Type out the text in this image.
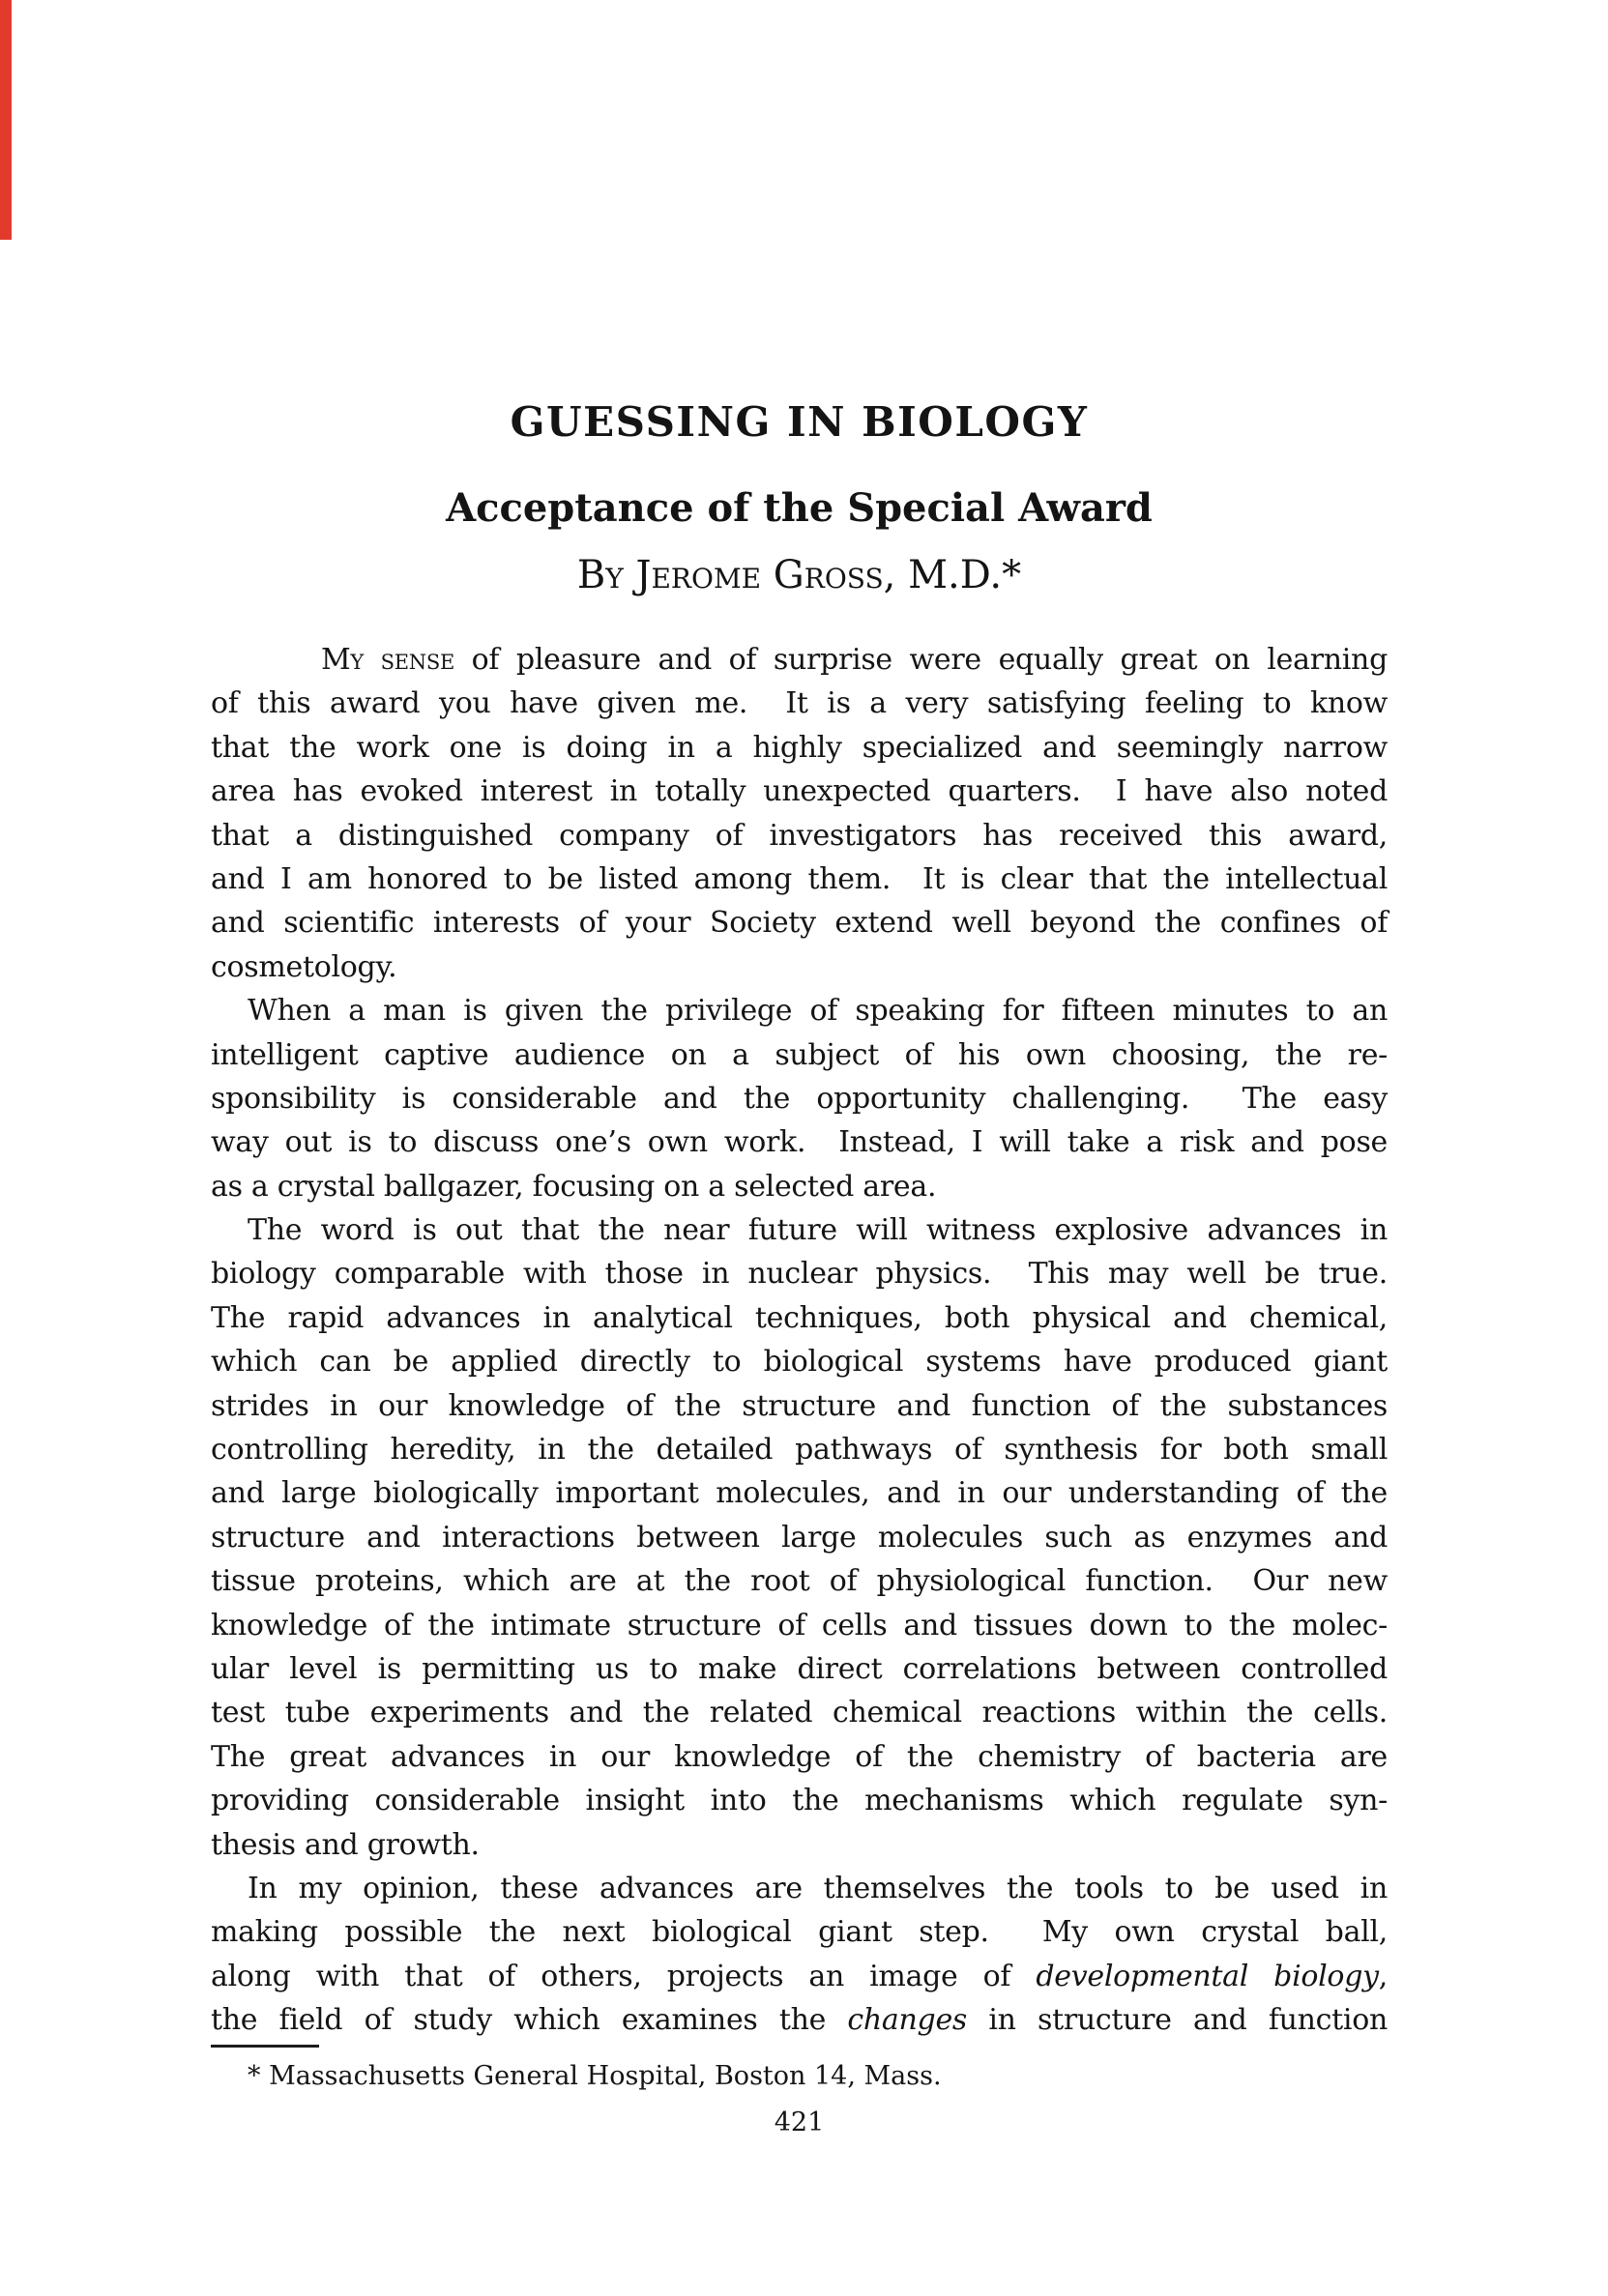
GUESSING IN BIOLOGY
Acceptance of the Special Award
By Jerome Gross, M.D.*
My sense of pleasure and of surprise were equally great on learning
of this award you have given me.  It is a very satisfying feeling to know
that the work one is doing in a highly specialized and seemingly narrow
area has evoked interest in totally unexpected quarters.  I have also noted
that a distinguished company of investigators has received this award,
and I am honored to be listed among them.  It is clear that the intellectual
and scientific interests of your Society extend well beyond the confines of
cosmetology.
When a man is given the privilege of speaking for fifteen minutes to an
intelligent captive audience on a subject of his own choosing, the re-
sponsibility is considerable and the opportunity challenging.  The easy
way out is to discuss one’s own work.  Instead, I will take a risk and pose
as a crystal ballgazer, focusing on a selected area.
The word is out that the near future will witness explosive advances in
biology comparable with those in nuclear physics.  This may well be true.
The rapid advances in analytical techniques, both physical and chemical,
which can be applied directly to biological systems have produced giant
strides in our knowledge of the structure and function of the substances
controlling heredity, in the detailed pathways of synthesis for both small
and large biologically important molecules, and in our understanding of the
structure and interactions between large molecules such as enzymes and
tissue proteins, which are at the root of physiological function.  Our new
knowledge of the intimate structure of cells and tissues down to the molec-
ular level is permitting us to make direct correlations between controlled
test tube experiments and the related chemical reactions within the cells.
The great advances in our knowledge of the chemistry of bacteria are
providing considerable insight into the mechanisms which regulate syn-
thesis and growth.
In my opinion, these advances are themselves the tools to be used in
making possible the next biological giant step.  My own crystal ball,
along with that of others, projects an image of developmental biology,
the field of study which examines the changes in structure and function
* Massachusetts General Hospital, Boston 14, Mass.
421
